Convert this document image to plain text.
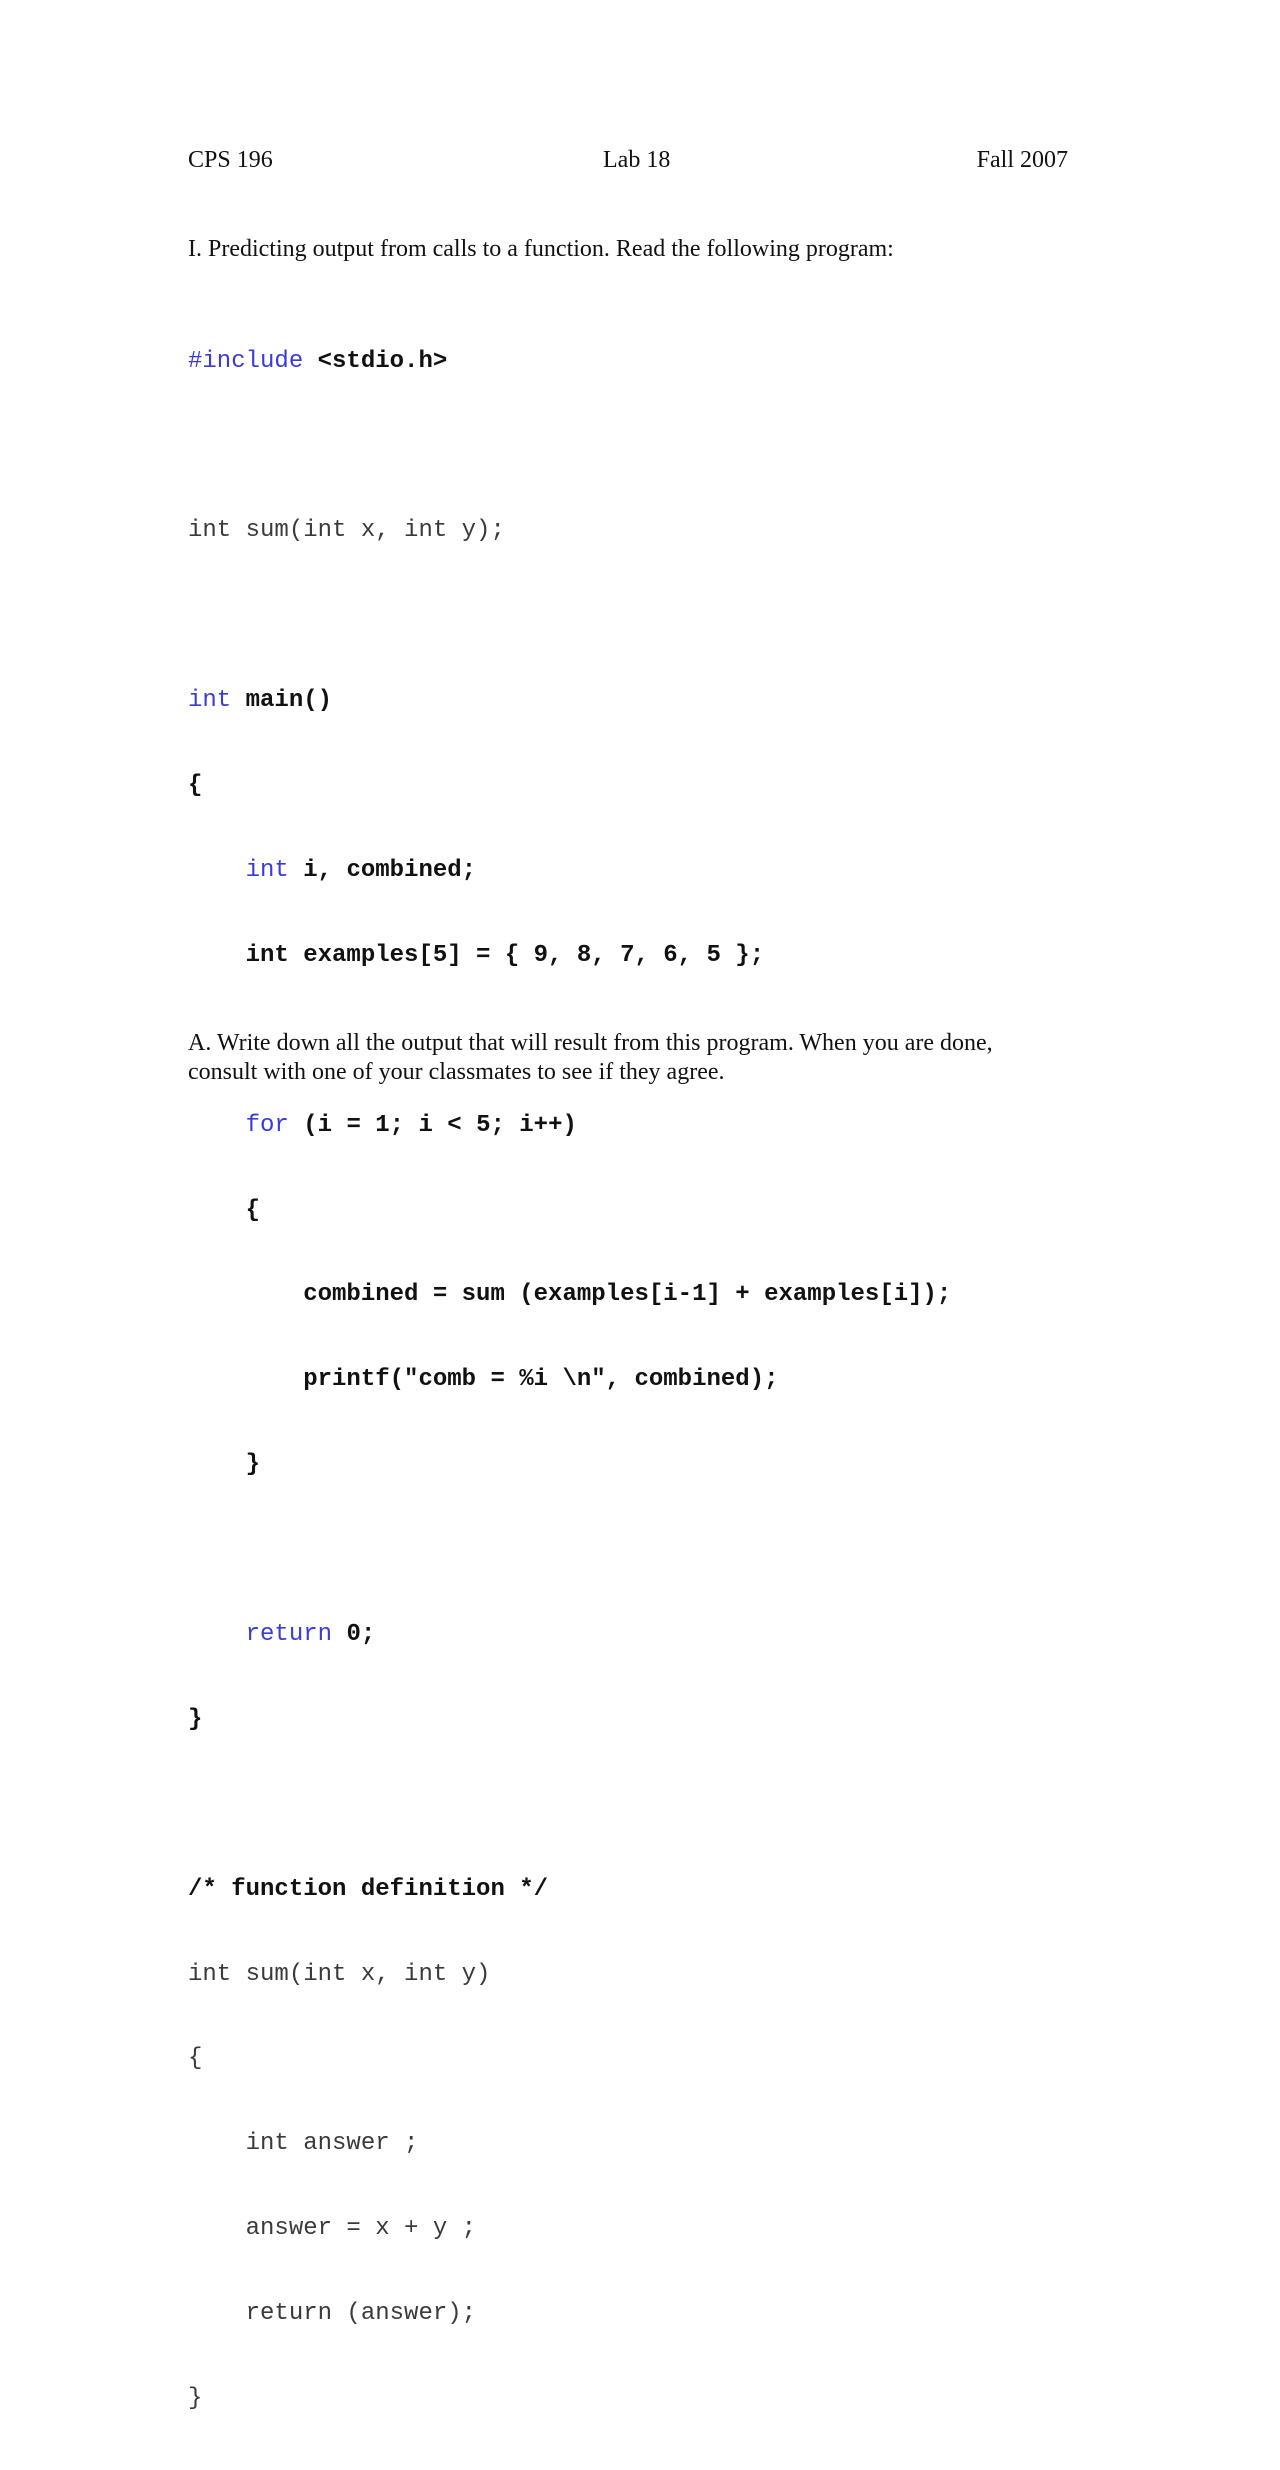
CPS 196	Lab 18	Fall 2007
I. Predicting output from calls to a function. Read the following program:

#include <stdio.h>

int sum(int x, int y);

int main()

{

int i, combined;

int examples[5] = { 9, 8, 7, 6, 5 };

for (i = 1; i < 5; i++)

{

combined = sum (examples[i-1] + examples[i]);

printf("comb = %i \n", combined);

}

return 0;

}

/* function definition */

int sum(int x, int y)

{

int answer ;

answer = x + y ;

return (answer);

}

A. Write down all the output that will result from this program. When you are done,
consult with one of your classmates to see if they agree.
